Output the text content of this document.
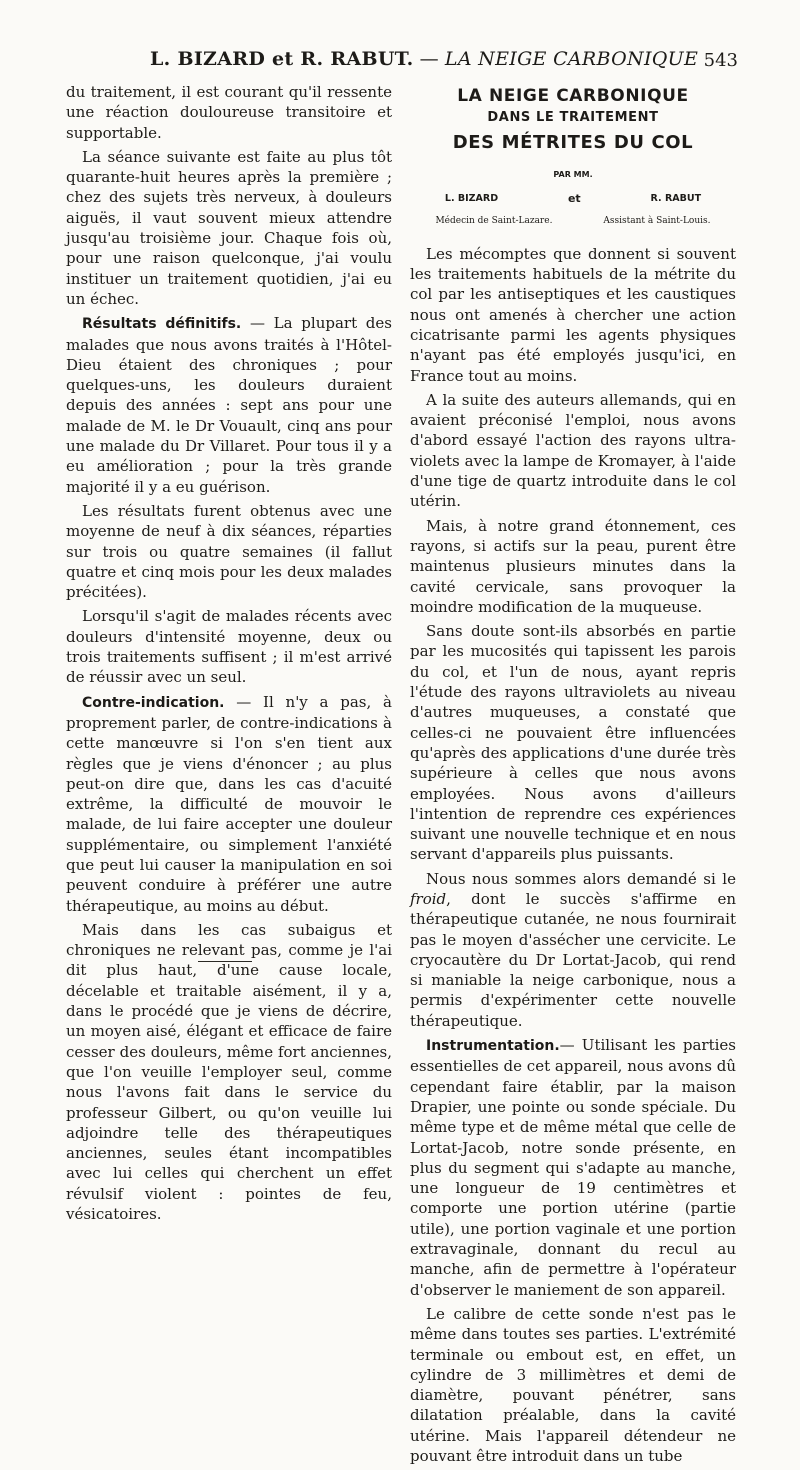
L. BIZARD et R. RABUT. — LA NEIGE CARBONIQUE 543

du traitement, il est courant qu'il ressente une réaction douloureuse transitoire et supportable.

La séance suivante est faite au plus tôt quarante-huit heures après la première ; chez des sujets très nerveux, à douleurs aiguës, il vaut souvent mieux attendre jusqu'au troisième jour. Chaque fois où, pour une raison quelconque, j'ai voulu instituer un traitement quotidien, j'ai eu un échec.

Résultats définitifs. — La plupart des malades que nous avons traités à l'Hôtel-Dieu étaient des chroniques ; pour quelques-uns, les douleurs duraient depuis des années : sept ans pour une malade de M. le Dr Vouault, cinq ans pour une malade du Dr Villaret. Pour tous il y a eu amélioration ; pour la très grande majorité il y a eu guérison.

Les résultats furent obtenus avec une moyenne de neuf à dix séances, réparties sur trois ou quatre semaines (il fallut quatre et cinq mois pour les deux malades précitées).

Lorsqu'il s'agit de malades récents avec douleurs d'intensité moyenne, deux ou trois traitements suffisent ; il m'est arrivé de réussir avec un seul.

Contre-indication. — Il n'y a pas, à proprement parler, de contre-indications à cette manœuvre si l'on s'en tient aux règles que je viens d'énoncer ; au plus peut-on dire que, dans les cas d'acuité extrême, la difficulté de mouvoir le malade, de lui faire accepter une douleur supplémentaire, ou simplement l'anxiété que peut lui causer la manipulation en soi peuvent conduire à préférer une autre thérapeutique, au moins au début.

Mais dans les cas subaigus et chroniques ne relevant pas, comme je l'ai dit plus haut, d'une cause locale, décelable et traitable aisément, il y a, dans le procédé que je viens de décrire, un moyen aisé, élégant et efficace de faire cesser des douleurs, même fort anciennes, que l'on veuille l'employer seul, comme nous l'avons fait dans le service du professeur Gilbert, ou qu'on veuille lui adjoindre telle des thérapeutiques anciennes, seules étant incompatibles avec lui celles qui cherchent un effet révulsif violent : pointes de feu, vésicatoires.

LA NEIGE CARBONIQUE
DANS LE TRAITEMENT
DES MÉTRITES DU COL
PAR MM.
L. BIZARD	et	R. RABUT
Médecin de Saint-Lazare.	Assistant à Saint-Louis.

Les mécomptes que donnent si souvent les traitements habituels de la métrite du col par les antiseptiques et les caustiques nous ont amenés à chercher une action cicatrisante parmi les agents physiques n'ayant pas été employés jusqu'ici, en France tout au moins.

A la suite des auteurs allemands, qui en avaient préconisé l'emploi, nous avons d'abord essayé l'action des rayons ultra-violets avec la lampe de Kromayer, à l'aide d'une tige de quartz introduite dans le col utérin.

Mais, à notre grand étonnement, ces rayons, si actifs sur la peau, purent être maintenus plusieurs minutes dans la cavité cervicale, sans provoquer la moindre modification de la muqueuse.

Sans doute sont-ils absorbés en partie par les mucosités qui tapissent les parois du col, et l'un de nous, ayant repris l'étude des rayons ultraviolets au niveau d'autres muqueuses, a constaté que celles-ci ne pouvaient être influencées qu'après des applications d'une durée très supérieure à celles que nous avons employées. Nous avons d'ailleurs l'intention de reprendre ces expériences suivant une nouvelle technique et en nous servant d'appareils plus puissants.

Nous nous sommes alors demandé si le froid, dont le succès s'affirme en thérapeutique cutanée, ne nous fournirait pas le moyen d'assécher une cervicite. Le cryocautère du Dr Lortat-Jacob, qui rend si maniable la neige carbonique, nous a permis d'expérimenter cette nouvelle thérapeutique.

Instrumentation.— Utilisant les parties essentielles de cet appareil, nous avons dû cependant faire établir, par la maison Drapier, une pointe ou sonde spéciale. Du même type et de même métal que celle de Lortat-Jacob, notre sonde présente, en plus du segment qui s'adapte au manche, une longueur de 19 centimètres et comporte une portion utérine (partie utile), une portion vaginale et une portion extravaginale, donnant du recul au manche, afin de permettre à l'opérateur d'observer le maniement de son appareil.

Le calibre de cette sonde n'est pas le même dans toutes ses parties. L'extrémité terminale ou embout est, en effet, un cylindre de 3 millimètres et demi de diamètre, pouvant pénétrer, sans dilatation préalable, dans la cavité utérine. Mais l'appareil détendeur ne pouvant être introduit dans un tube
